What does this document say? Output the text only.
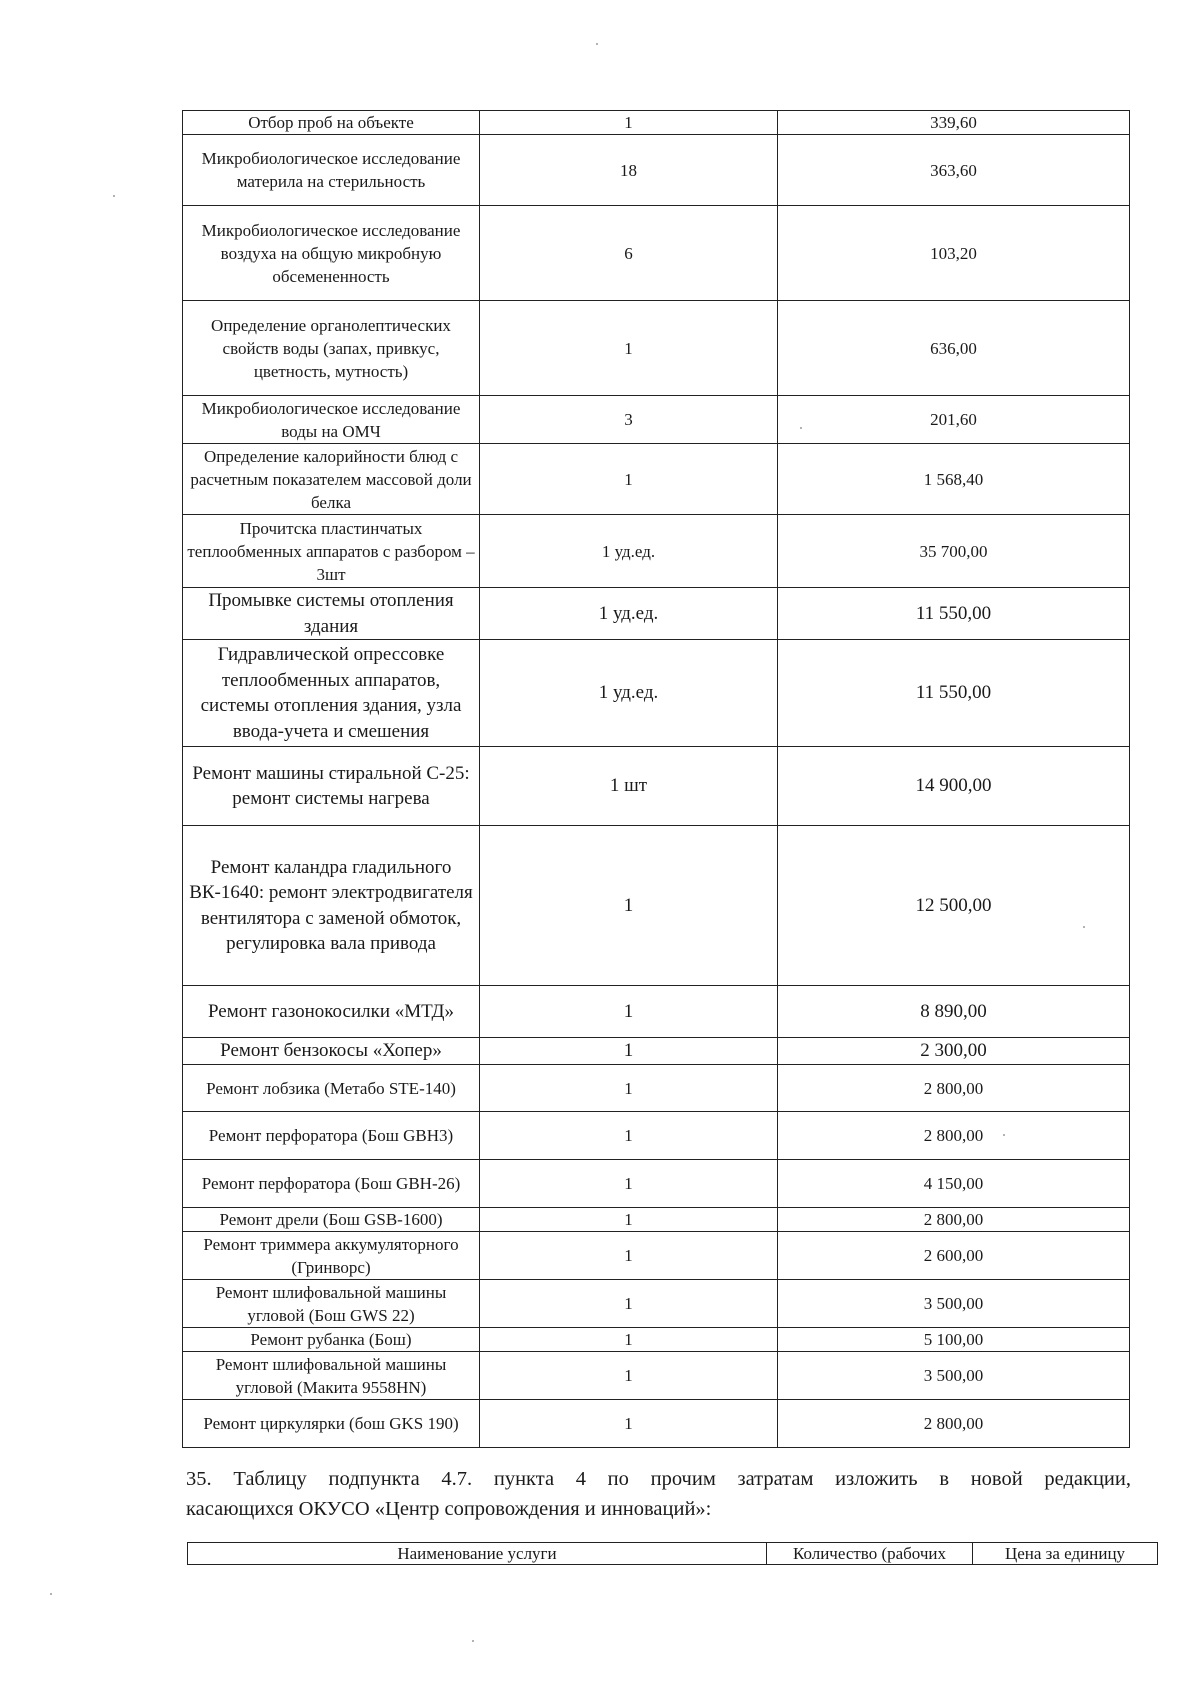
Отбор проб на объекте	1	339,60
Микробиологическое исследование материла на стерильность	18	363,60
Микробиологическое исследование воздуха на общую микробную обсемененность	6	103,20
Определение органолептических свойств воды (запах, привкус, цветность, мутность)	1	636,00
Микробиологическое исследование воды на ОМЧ	3	201,60
Определение калорийности блюд с расчетным показателем массовой доли белка	1	1 568,40
Прочитска пластинчатых теплообменных аппаратов с разбором – 3шт	1 уд.ед.	35 700,00
Промывке системы отопления здания	1 уд.ед.	11 550,00
Гидравлической опрессовке теплообменных аппаратов, системы отопления здания, узла ввода-учета и смешения	1 уд.ед.	11 550,00
Ремонт машины стиральной С-25: ремонт системы нагрева	1 шт	14 900,00
Ремонт каландра гладильного ВК-1640: ремонт электродвигателя вентилятора с заменой обмоток, регулировка вала привода	1	12 500,00
Ремонт газонокосилки «МТД»	1	8 890,00
Ремонт бензокосы «Хопер»	1	2 300,00
Ремонт лобзика (Метабо STE-140)	1	2 800,00
Ремонт перфоратора (Бош GBH3)	1	2 800,00
Ремонт перфоратора (Бош GBH-26)	1	4 150,00
Ремонт дрели (Бош GSB-1600)	1	2 800,00
Ремонт триммера аккумуляторного (Гринворс)	1	2 600,00
Ремонт шлифовальной машины угловой (Бош GWS 22)	1	3 500,00
Ремонт рубанка (Бош)	1	5 100,00
Ремонт шлифовальной машины угловой (Макита 9558HN)	1	3 500,00
Ремонт циркулярки (бош GKS 190)	1	2 800,00
35. Таблицу подпункта 4.7. пункта 4 по прочим затратам изложить в новой редакции,
касающихся ОКУСО «Центр сопровождения и инноваций»:
Наименование услуги	Количество (рабочих	Цена за единицу
